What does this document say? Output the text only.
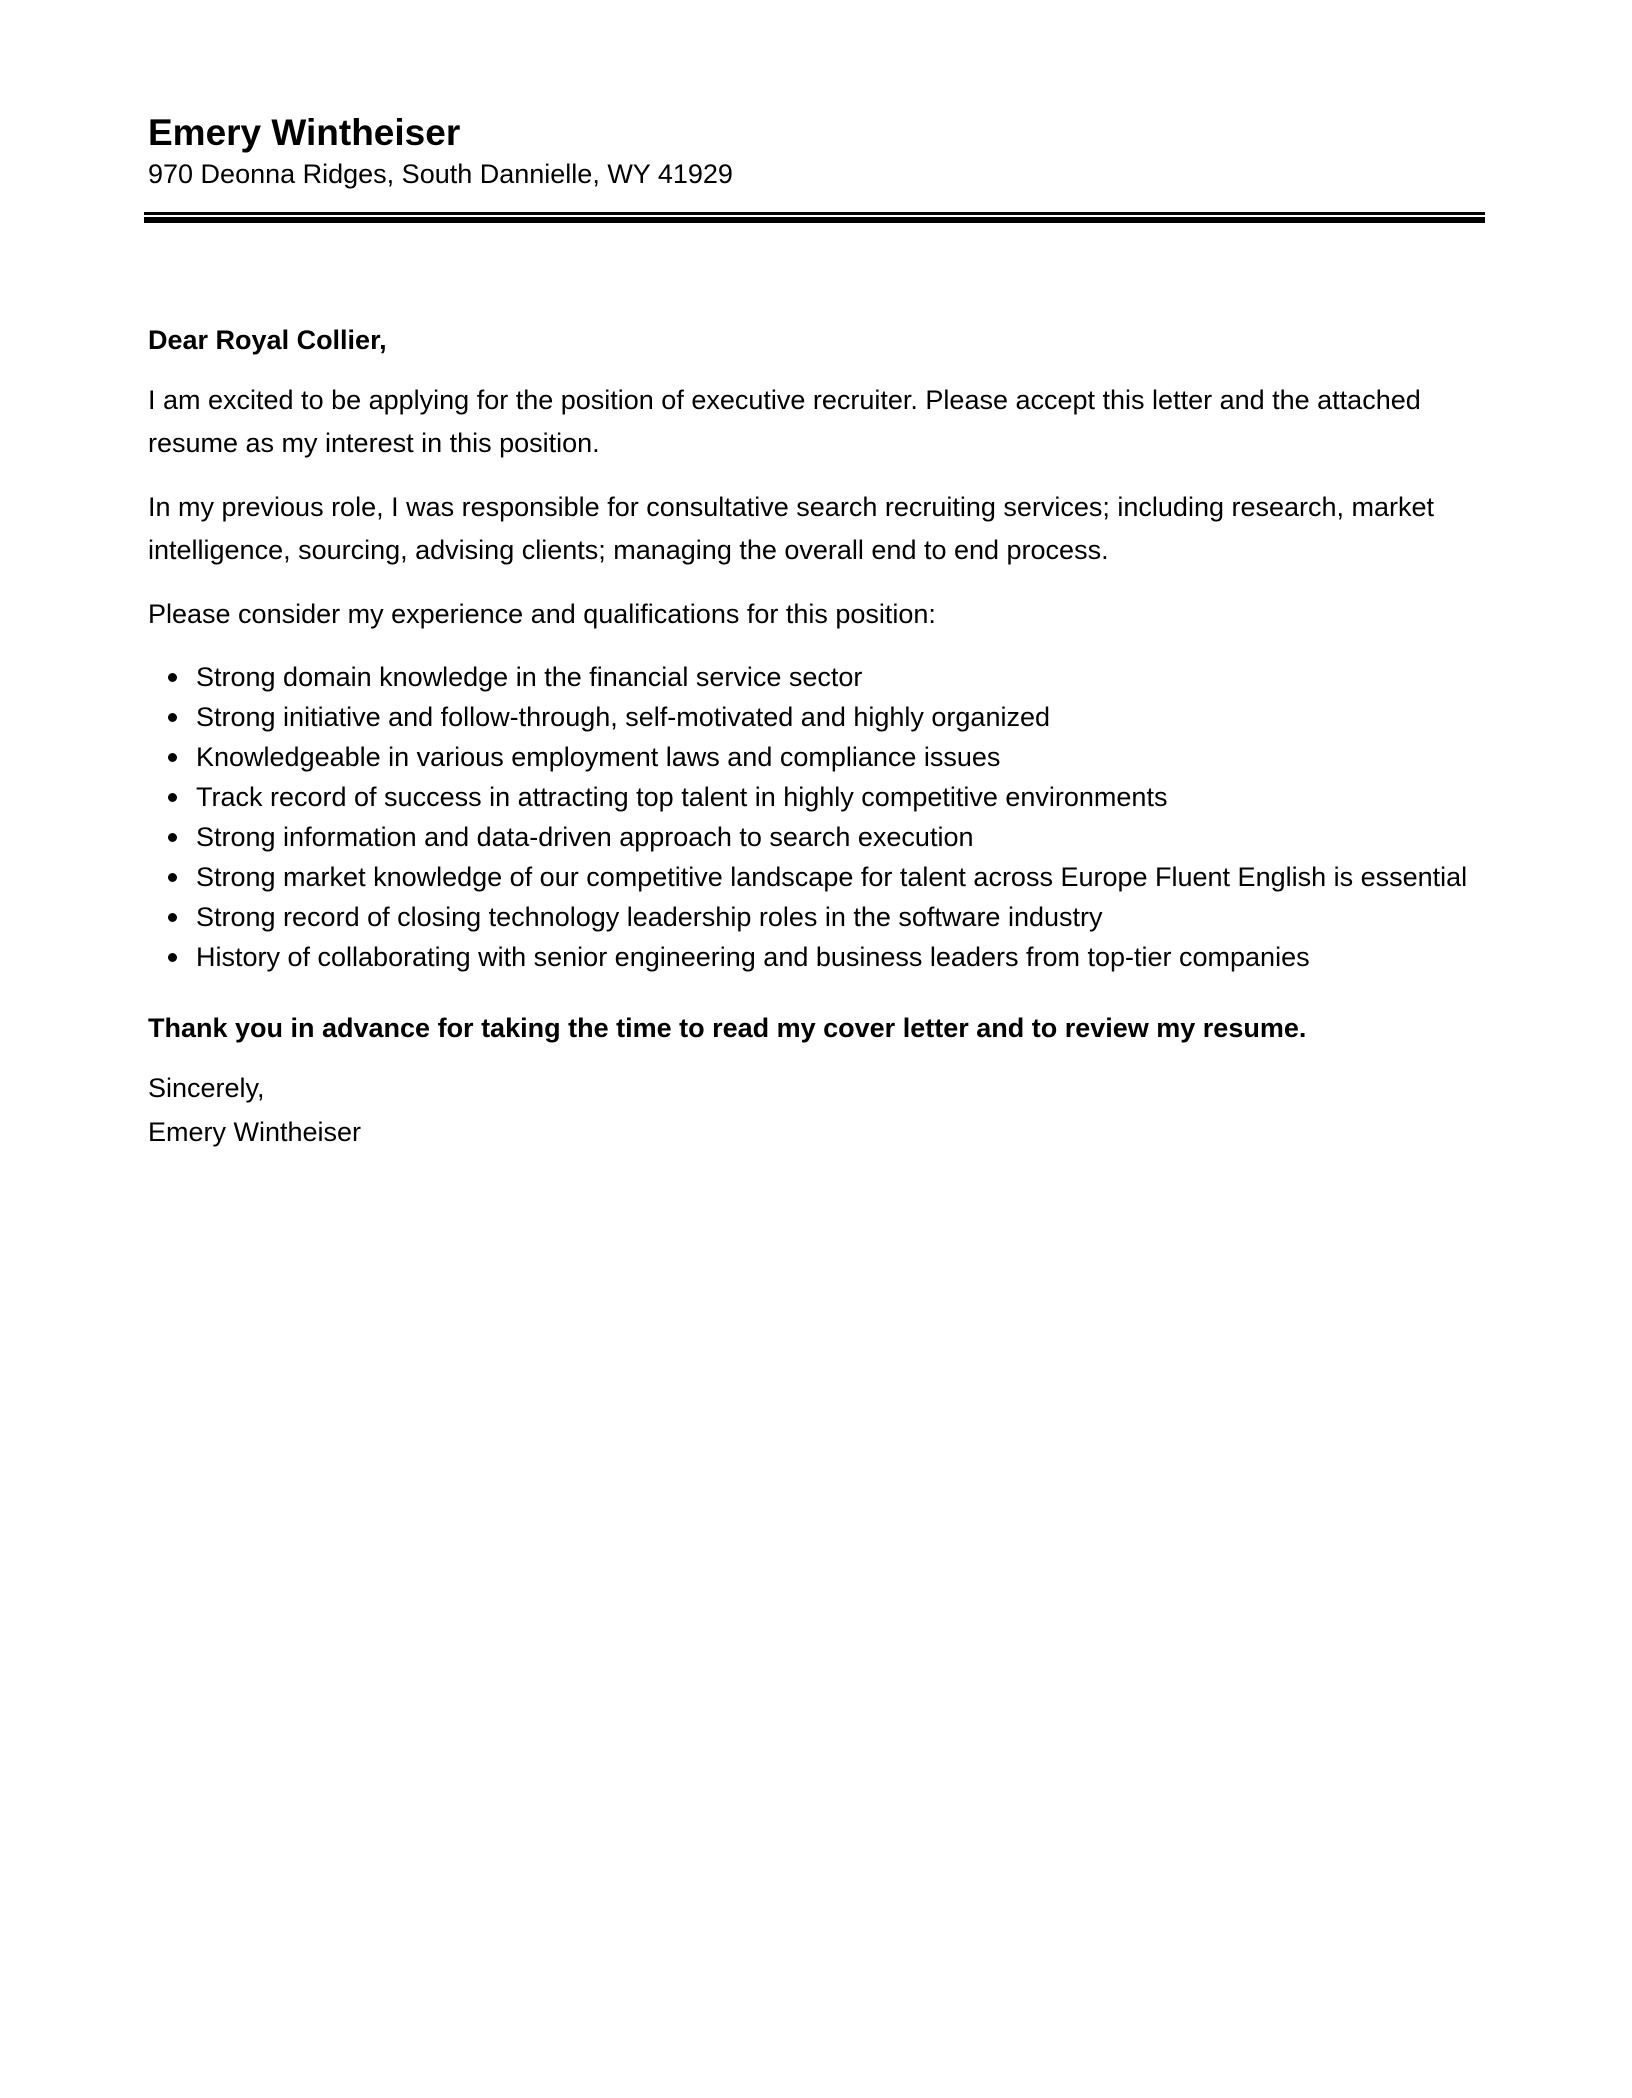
Emery Wintheiser

970 Deonna Ridges, South Dannielle, WY 41929

Dear Royal Collier,

I am excited to be applying for the position of executive recruiter. Please accept this letter and the attached resume as my interest in this position.

In my previous role, I was responsible for consultative search recruiting services; including research, market intelligence, sourcing, advising clients; managing the overall end to end process.

Please consider my experience and qualifications for this position:

Strong domain knowledge in the financial service sector
Strong initiative and follow-through, self-motivated and highly organized
Knowledgeable in various employment laws and compliance issues
Track record of success in attracting top talent in highly competitive environments
Strong information and data-driven approach to search execution
Strong market knowledge of our competitive landscape for talent across Europe Fluent English is essential
Strong record of closing technology leadership roles in the software industry
History of collaborating with senior engineering and business leaders from top-tier companies

Thank you in advance for taking the time to read my cover letter and to review my resume.

Sincerely,

Emery Wintheiser
